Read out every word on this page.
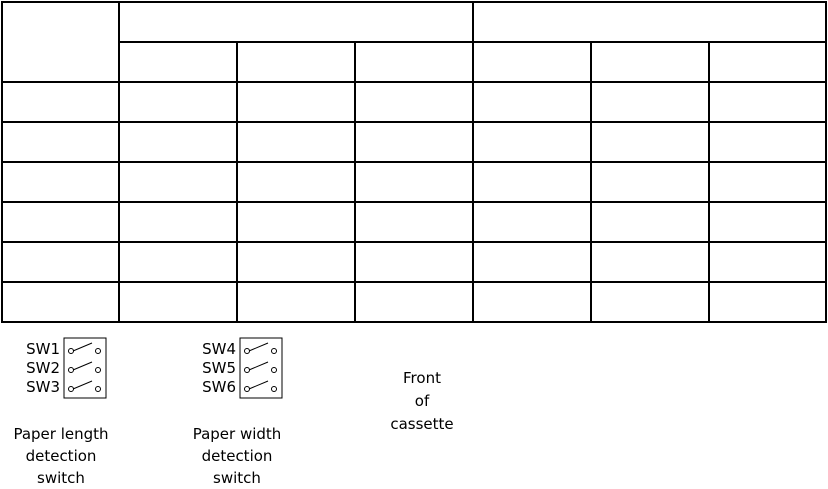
SW1
SW2
SW3
Paper length
detection switch
SW4
SW5
SW6
Paper width
detection switch
Front
of
cassette
